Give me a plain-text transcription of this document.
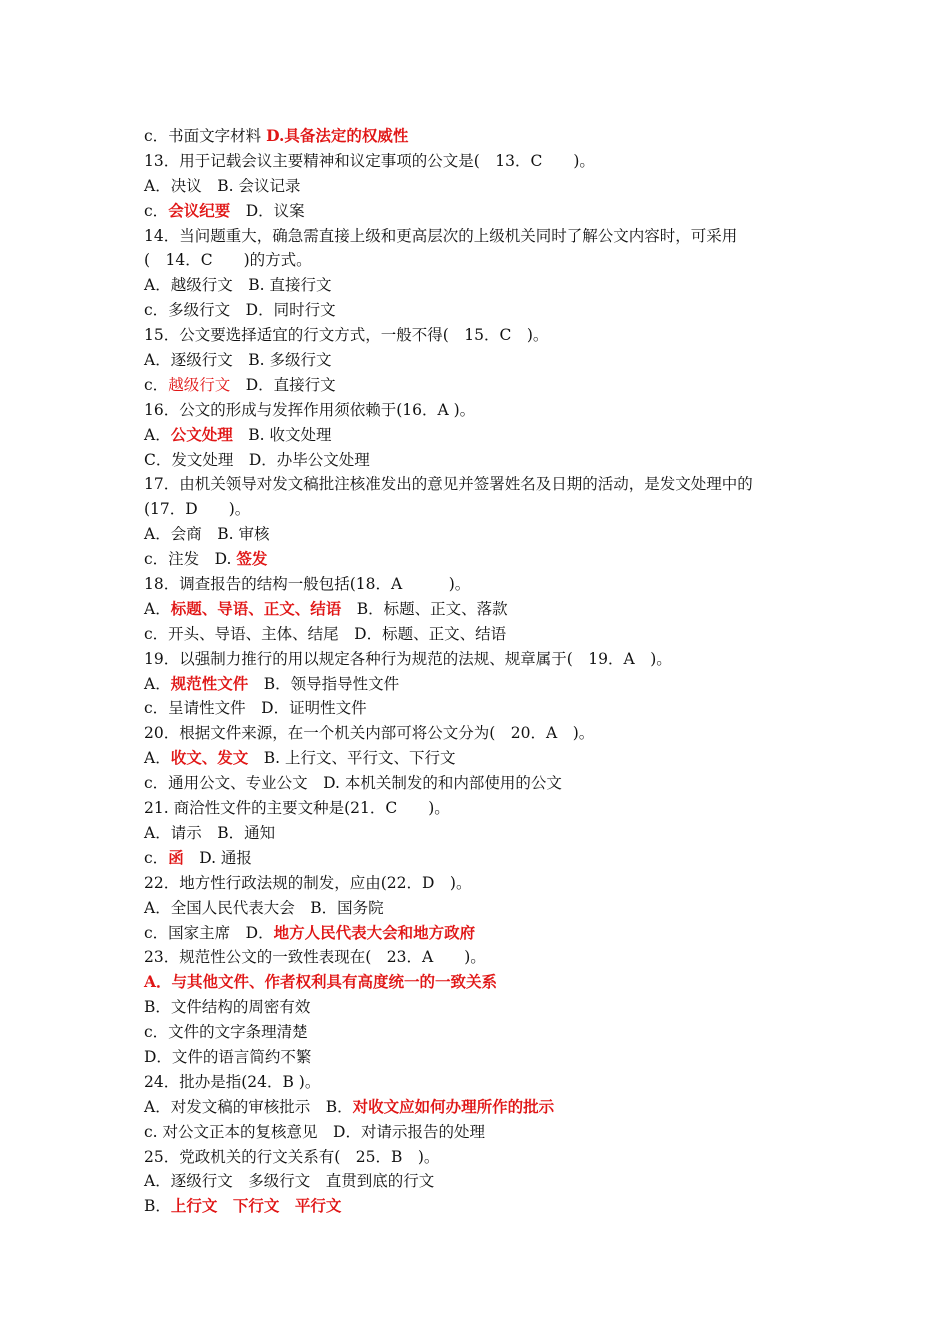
c．书面文字材料 D.具备法定的权威性
13．用于记载会议主要精神和议定事项的公文是(　13．C　　)。
A．决议　B. 会议记录
c．会议纪要　D．议案
14．当问题重大，确急需直接上级和更高层次的上级机关同时了解公文内容时，可采用
(　14．C　　)的方式。
A．越级行文　B. 直接行文
c．多级行文　D．同时行文
15．公文要选择适宜的行文方式，一般不得(　15．C　)。
A．逐级行文　B. 多级行文
c．越级行文　D．直接行文
16．公文的形成与发挥作用须依赖于(16．A )。
A．公文处理　B. 收文处理
C．发文处理　D．办毕公文处理
17．由机关领导对发文稿批注核准发出的意见并签署姓名及日期的活动，是发文处理中的
(17．D　　)。
A．会商　B. 审核
c．注发　D. 签发
18．调查报告的结构一般包括(18．A　　　)。
A．标题、导语、正文、结语　B．标题、正文、落款
c．开头、导语、主体、结尾　D．标题、正文、结语
19．以强制力推行的用以规定各种行为规范的法规、规章属于(　19．A　)。
A．规范性文件　B．领导指导性文件
c．呈请性文件　D．证明性文件
20．根据文件来源，在一个机关内部可将公文分为(　20．A　)。
A．收文、发文　B. 上行文、平行文、下行文
c．通用公文、专业公文　D. 本机关制发的和内部使用的公文
21. 商洽性文件的主要文种是(21．C　　)。
A．请示　B．通知
c．函　D. 通报
22．地方性行政法规的制发，应由(22．D　)。
A．全国人民代表大会　B．国务院
c．国家主席　D．地方人民代表大会和地方政府
23．规范性公文的一致性表现在(　23．A　　)。
A．与其他文件、作者权利具有高度统一的一致关系
B．文件结构的周密有效
c．文件的文字条理清楚
D．文件的语言简约不繁
24．批办是指(24．B )。
A．对发文稿的审核批示　B．对收文应如何办理所作的批示
c. 对公文正本的复核意见　D．对请示报告的处理
25．党政机关的行文关系有(　25．B　)。
A．逐级行文　多级行文　直贯到底的行文
B．上行文　下行文　平行文
